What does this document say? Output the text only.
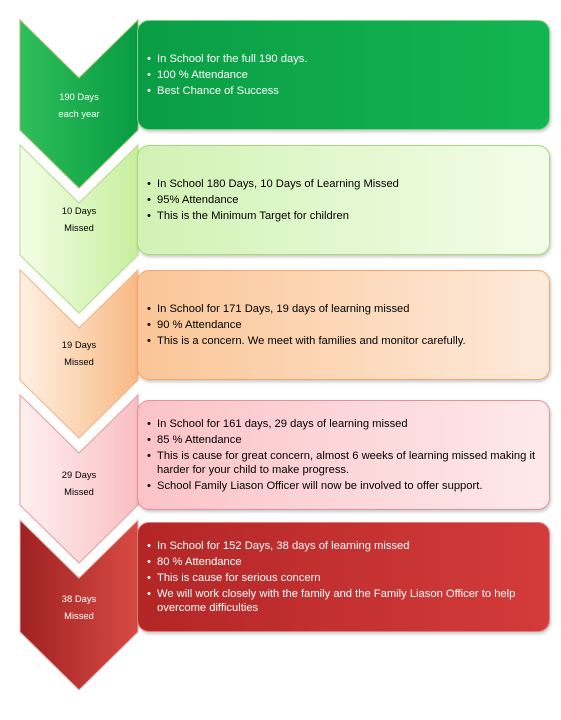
• In School for the full 190 days.
• 100 % Attendance
• Best Chance of Success
190 Days
each year
• In School 180 Days, 10 Days of Learning Missed
• 95% Attendance
• This is the Minimum Target for children
10 Days
Missed
• In School for 171 Days, 19 days of learning missed
• 90 % Attendance
• This is a concern. We meet with families and monitor carefully.
19 Days
Missed
• In School for 161 days, 29 days of learning missed
• 85 % Attendance
• This is cause for great concern, almost 6 weeks of learning missed making it harder for your child to make progress.
• School Family Liason Officer will now be involved to offer support.
29 Days
Missed
• In School for 152 Days, 38 days of learning missed
• 80 % Attendance
• This is cause for serious concern
• We will work closely with the family and the Family Liason Officer to help overcome difficulties
38 Days
Missed
